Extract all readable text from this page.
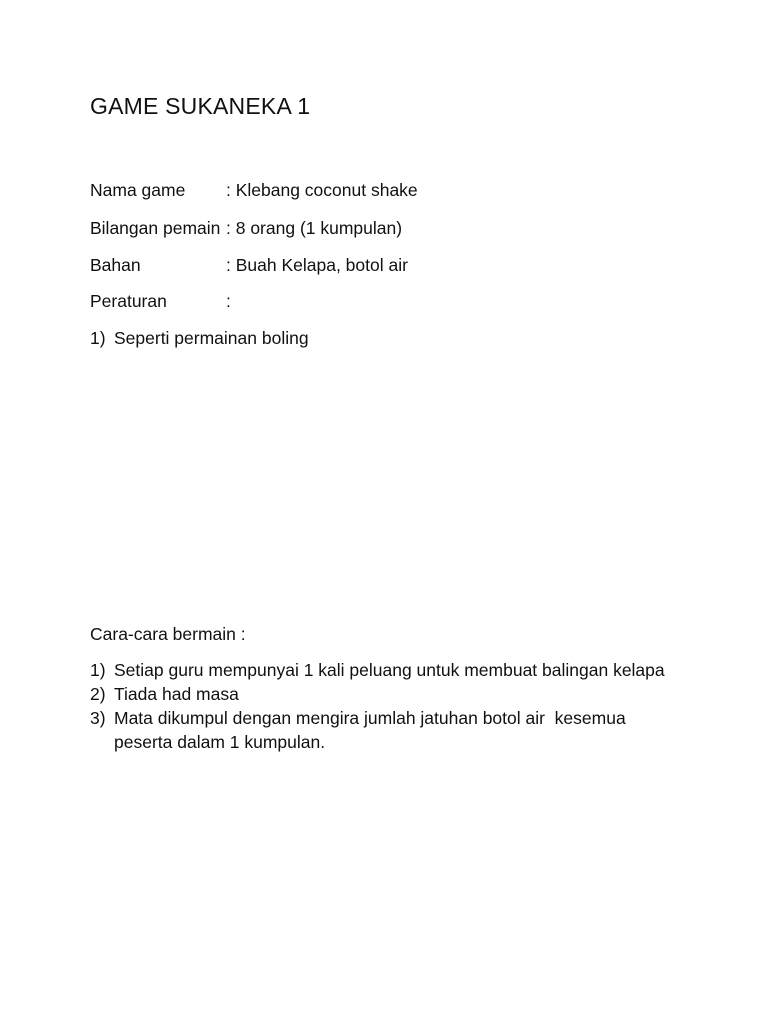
GAME SUKANEKA 1
Nama game	: Klebang coconut shake
Bilangan pemain : 8 orang (1 kumpulan)
Bahan	: Buah Kelapa, botol air
Peraturan	:
1) Seperti permainan boling
Cara-cara bermain :
1) Setiap guru mempunyai 1 kali peluang untuk membuat balingan kelapa
2) Tiada had masa
3) Mata dikumpul dengan mengira jumlah jatuhan botol air  kesemua peserta dalam 1 kumpulan.
